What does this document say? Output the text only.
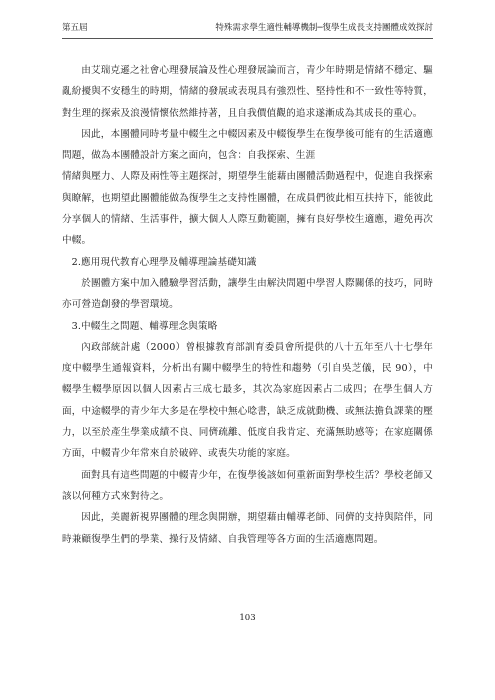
第五屆	特殊需求學生適性輔導機制─復學生成長支持團體成效探討

由艾瑞克遜之社會心理發展論及性心理發展論而言，青少年時期是情緒不穩定、驅亂紛擾與不安穩生的時期，情緒的發展或表現具有強烈性、堅持性和不一致性等特質，對生理的探索及浪漫情懷依然維持著，且自我價值觀的追求遂漸成為其成長的重心。

因此，本團體同時考量中輟生之中輟因素及中輟復學生在復學後可能有的生活適應問題，做為本團體設計方案之面向，包含：自我探索、生涯

情緒與壓力、人際及兩性等主題探討，期望學生能藉由團體活動過程中，促進自我探索與瞭解，也期望此團體能做為復學生之支持性團體，在成員們彼此相互扶持下，能彼此分享個人的情緒、生活事件，擴大個人人際互動範圍，擁有良好學校生適應，避免再次中輟。

2.應用現代教育心理學及輔導理論基礎知識

於團體方案中加入體驗學習活動，讓學生由解決問題中學習人際關係的技巧，同時亦可營造創發的學習環境。

3.中輟生之問題、輔導理念與策略

內政部統計處（2000）曾根據教育部訓育委員會所提供的八十五年至八十七學年度中輟學生通報資料，分析出有關中輟學生的特性和趨勢（引自吳芝儀，民 90），中輟學生輟學原因以個人因素占三成七最多，其次為家庭因素占二成四；在學生個人方面，中途輟學的青少年大多是在學校中無心唸書，缺乏成就動機、或無法擔負課業的壓力，以至於產生學業成績不良、同儕疏離、低度自我肯定、充滿無助感等；在家庭關係方面，中輟青少年常來自於破碎、或喪失功能的家庭。

面對具有這些問題的中輟青少年，在復學後該如何重新面對學校生活？學校老師又該以何種方式來對待之。

因此，美麗新視界團體的理念與開辦，期望藉由輔導老師、同儕的支持與陪伴，同時兼顧復學生們的學業、操行及情緒、自我管理等各方面的生活適應問題。

103
